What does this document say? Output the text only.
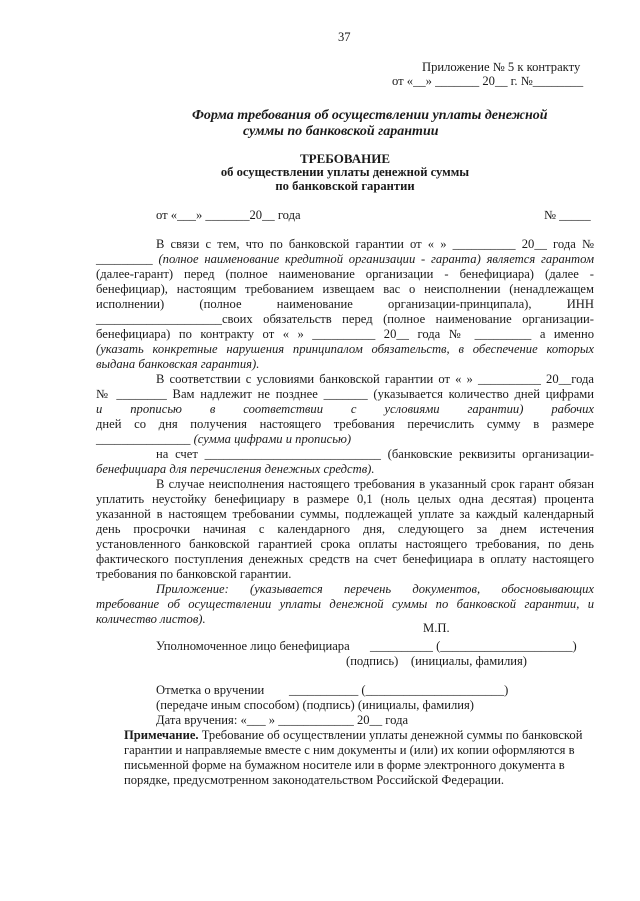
37
Приложение № 5 к контракту
от «__» _______ 20__ г. №________
Форма требования об осуществлении уплаты денежной
суммы по банковской гарантии
ТРЕБОВАНИЕ
об осуществлении уплаты денежной суммы
по банковской гарантии
от «___» _______20__ года	№ _____
В связи с тем, что по банковской гарантии от « » __________ 20__ года №
_________ (полное наименование кредитной организации - гаранта) является гарантом
(далее-гарант) перед (полное наименование организации - бенефициара) (далее -
бенефициар), настоящим требованием извещаем вас о неисполнении (ненадлежащем
исполнении) (полное наименование организации-принципала), ИНН
____________________своих обязательств перед (полное наименование организации-
бенефициара) по контракту от « » __________ 20__ года № _________ а именно
(указать конкретные нарушения принципалом обязательств, в обеспечение которых
выдана банковская гарантия).
В соответствии с условиями банковской гарантии от « » __________ 20__года
№ ________ Вам надлежит не позднее _______ (указывается количество дней цифрами
и прописью в соответствии с условиями гарантии) рабочих
дней со дня получения настоящего требования перечислить сумму в размере
_______________ (сумма цифрами и прописью)
на счет ____________________________ (банковские реквизиты организации-
бенефициара для перечисления денежных средств).
В случае неисполнения настоящего требования в указанный срок гарант обязан
уплатить неустойку бенефициару в размере 0,1 (ноль целых одна десятая) процента
указанной в настоящем требовании суммы, подлежащей уплате за каждый календарный
день просрочки начиная с календарного дня, следующего за днем истечения
установленного банковской гарантией срока оплаты настоящего требования, по день
фактического поступления денежных средств на счет бенефициара в оплату настоящего
требования по банковской гарантии.
Приложение: (указывается перечень документов, обосновывающих
требование об осуществлении уплаты денежной суммы по банковской гарантии, и
количество листов).
М.П.
Уполномоченное лицо бенефициара __________ (_____________________)
(подпись)    (инициалы, фамилия)
Отметка о вручении ___________ (______________________)
(передаче иным способом) (подпись) (инициалы, фамилия)
Дата вручения: «___ » ____________ 20__ года
Примечание. Требование об осуществлении уплаты денежной суммы по банковской
гарантии и направляемые вместе с ним документы и (или) их копии оформляются в
письменной форме на бумажном носителе или в форме электронного документа в
порядке, предусмотренном законодательством Российской Федерации.
